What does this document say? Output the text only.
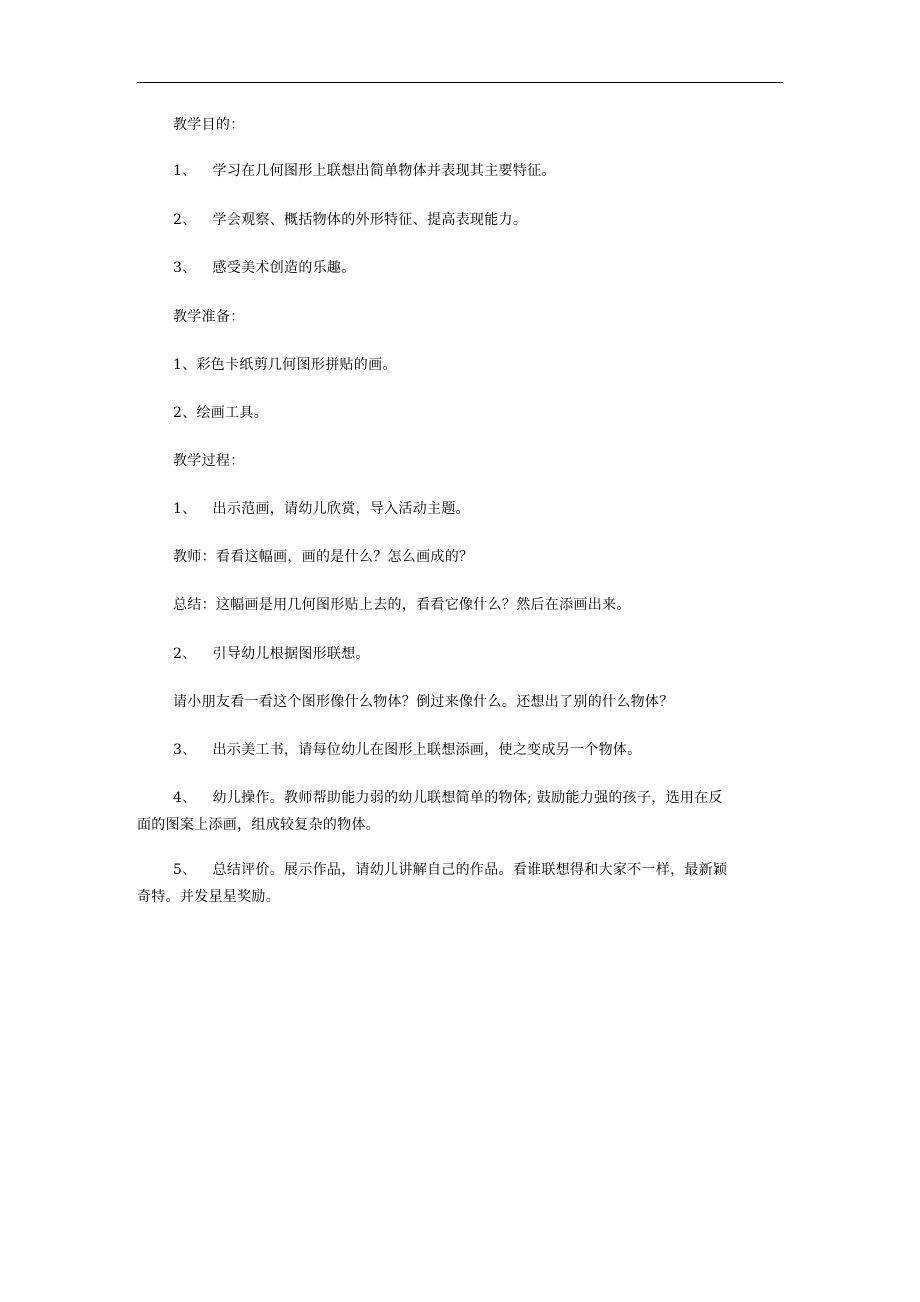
教学目的：
1、 学习在几何图形上联想出简单物体并表现其主要特征。
2、 学会观察、概括物体的外形特征、提高表现能力。
3、 感受美术创造的乐趣。
教学准备：
1、彩色卡纸剪几何图形拼贴的画。
2、绘画工具。
教学过程：
1、 出示范画，请幼儿欣赏，导入活动主题。
教师：看看这幅画，画的是什么？怎么画成的？
总结：这幅画是用几何图形贴上去的，看看它像什么？然后在添画出来。
2、 引导幼儿根据图形联想。
请小朋友看一看这个图形像什么物体？倒过来像什么。还想出了别的什么物体？
3、 出示美工书，请每位幼儿在图形上联想添画，使之变成另一个物体。
4、 幼儿操作。教师帮助能力弱的幼儿联想简单的物体; 鼓励能力强的孩子，选用在反
面的图案上添画，组成较复杂的物体。
5、 总结评价。展示作品，请幼儿讲解自己的作品。看谁联想得和大家不一样，最新颖
奇特。并发星星奖励。
